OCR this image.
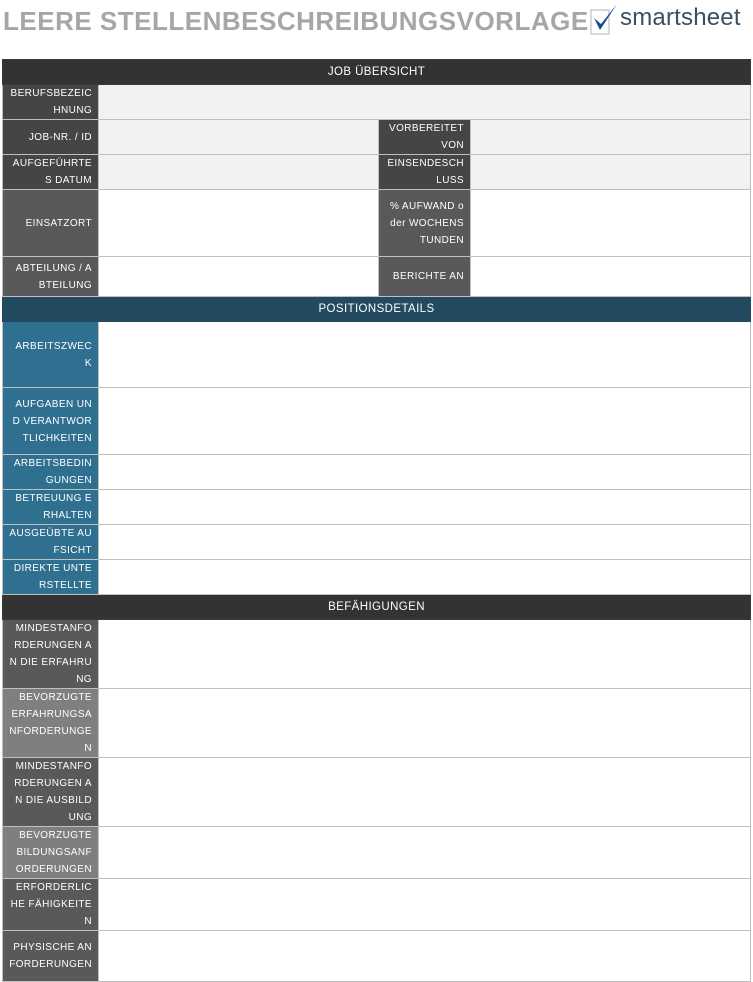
LEERE STELLENBESCHREIBUNGSVORLAGE smartsheet
JOB ÜBERSICHT			
BERUFSBEZEICHNUNG			
JOB-NR. / ID		VORBEREITET VON	
AUFGEFÜHRTES DATUM		EINSENDESCHLUSS	
EINSATZORT		% AUFWAND oder WOCHENSTUNDEN	
ABTEILUNG / ABTEILUNG		BERICHTE AN	
POSITIONSDETAILS			
ARBEITSZWECK			
AUFGABEN UND VERANTWORTLICHKEITEN			
ARBEITSBEDINGUNGEN			
BETREUUNG ERHALTEN			
AUSGEÜBTE AUFSICHT			
DIREKTE UNTERSTELLTE			
BEFÄHIGUNGEN			
MINDESTANFORDERUNGEN AN DIE ERFAHRUNG			
BEVORZUGTE ERFAHRUNGSANFORDERUNGEN			
MINDESTANFORDERUNGEN AN DIE AUSBILDUNG			
BEVORZUGTE BILDUNGSANFORDERUNGEN			
ERFORDERLICHE FÄHIGKEITEN			
PHYSISCHE ANFORDERUNGEN			
